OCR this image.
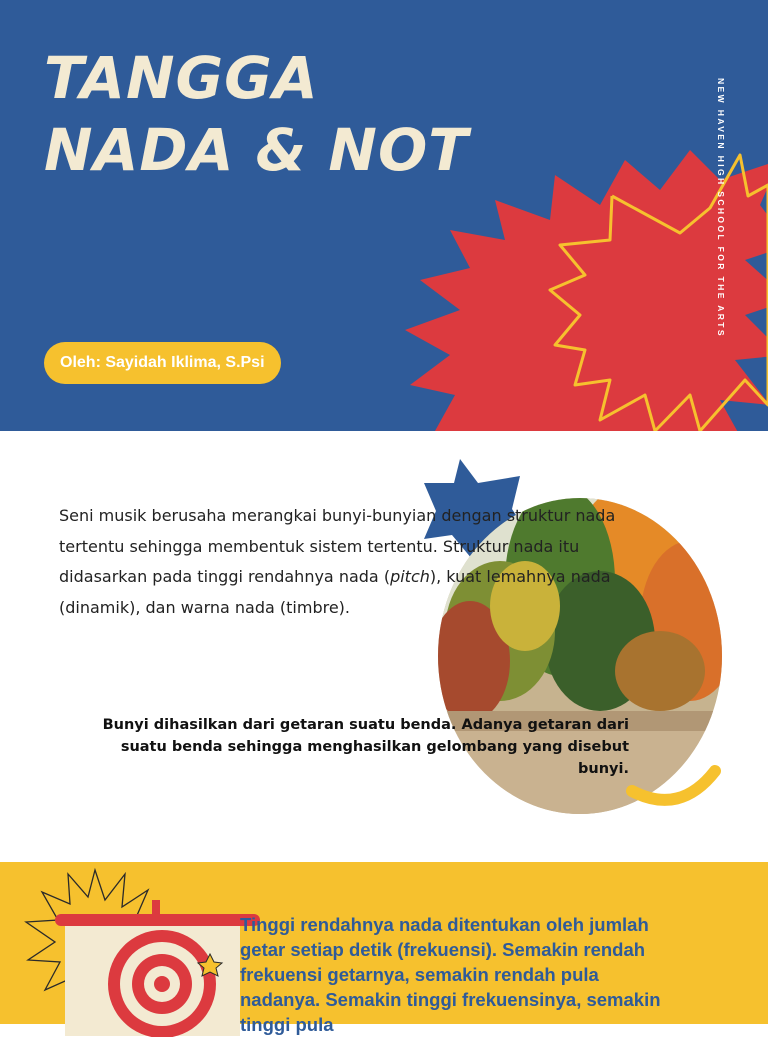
TANGGA
NADA & NOT
Oleh: Sayidah Iklima, S.Psi
NEW HAVEN HIGH SCHOOL FOR THE ARTS

Seni musik berusaha merangkai bunyi-bunyian dengan struktur nada tertentu sehingga membentuk sistem tertentu. Struktur nada itu didasarkan pada tinggi rendahnya nada (pitch), kuat lemahnya nada (dinamik), dan warna nada (timbre).

Bunyi dihasilkan dari getaran suatu benda. Adanya getaran dari suatu benda sehingga menghasilkan gelombang yang disebut bunyi.

Tinggi rendahnya nada ditentukan oleh jumlah getar setiap detik (frekuensi). Semakin rendah frekuensi getarnya, semakin rendah pula nadanya. Semakin tinggi frekuensinya, semakin tinggi pula
